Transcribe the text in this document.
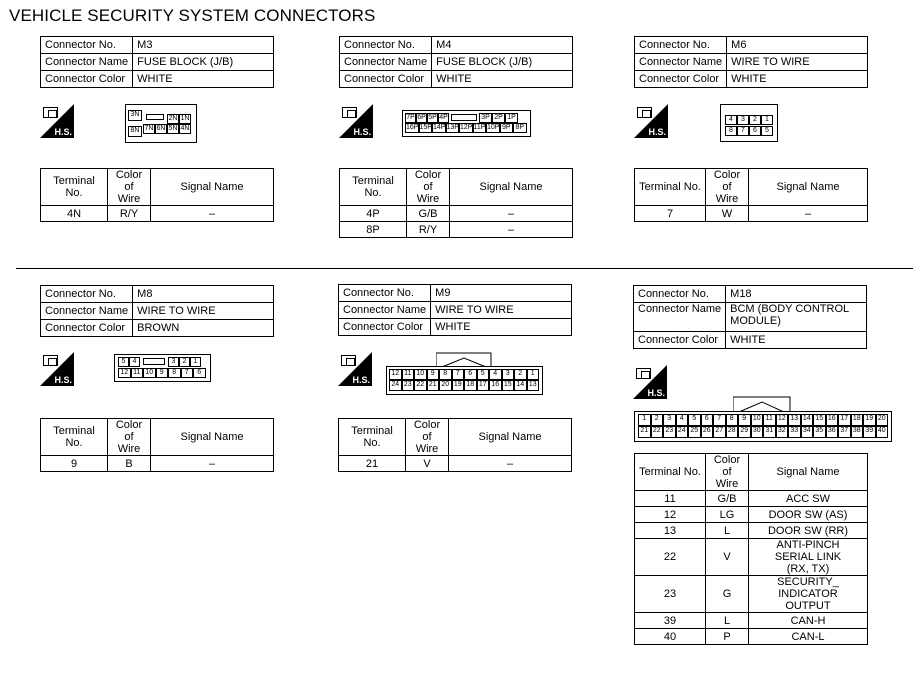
VEHICLE SECURITY SYSTEM CONNECTORS
Connector No.	M3
Connector Name	FUSE BLOCK (J/B)
Connector Color	WHITE
H.S.
3N
2N 1N
8N 7N 6N 5N 4N
Terminal No.	Color of Wire	Signal Name
4N	R/Y	–
Connector No.	M4
Connector Name	FUSE BLOCK (J/B)
Connector Color	WHITE
H.S.
7P 6P 5P 4P	3P 2P 1P
16P 15P 14P 13P 12P 11P 10P 9P 8P
Terminal No.	Color of Wire	Signal Name
4P	G/B	–
8P	R/Y	–
Connector No.	M6
Connector Name	WIRE TO WIRE
Connector Color	WHITE
H.S.
4	3	2	1
8	7	6	5
Terminal No.	Color of Wire	Signal Name
7	W	–
Connector No.	M8
Connector Name	WIRE TO WIRE
Connector Color	BROWN
H.S.
5	4	3	2	1
12 11 10 9	8	7	6
Terminal No.	Color of Wire	Signal Name
9	B	–
Connector No.	M9
Connector Name	WIRE TO WIRE
Connector Color	WHITE
H.S.
12 11 10 9	8	7	6	5	4	3	2	1
24 23 22 21 20 19 18 17 16 15 14 13
Terminal No.	Color of Wire	Signal Name
21	V	–
Connector No.	M18
Connector Name	BCM (BODY CONTROL MODULE)
Connector Color	WHITE
H.S.
1	2	3	4	5	6	7	8	9 10 11 12 13 14 15 16 17 18 19 20
21 22 23 24 25 26 27 28 29 30 31 32 33 34 35 36 37 38 39 40
Terminal No.	Color of Wire	Signal Name
11	G/B	ACC SW
12	LG	DOOR SW (AS)
13	L	DOOR SW (RR)
22	V	ANTI-PINCH SERIAL LINK (RX, TX)
23	G	SECURITY_ INDICATOR OUTPUT
39	L	CAN-H
40	P	CAN-L
